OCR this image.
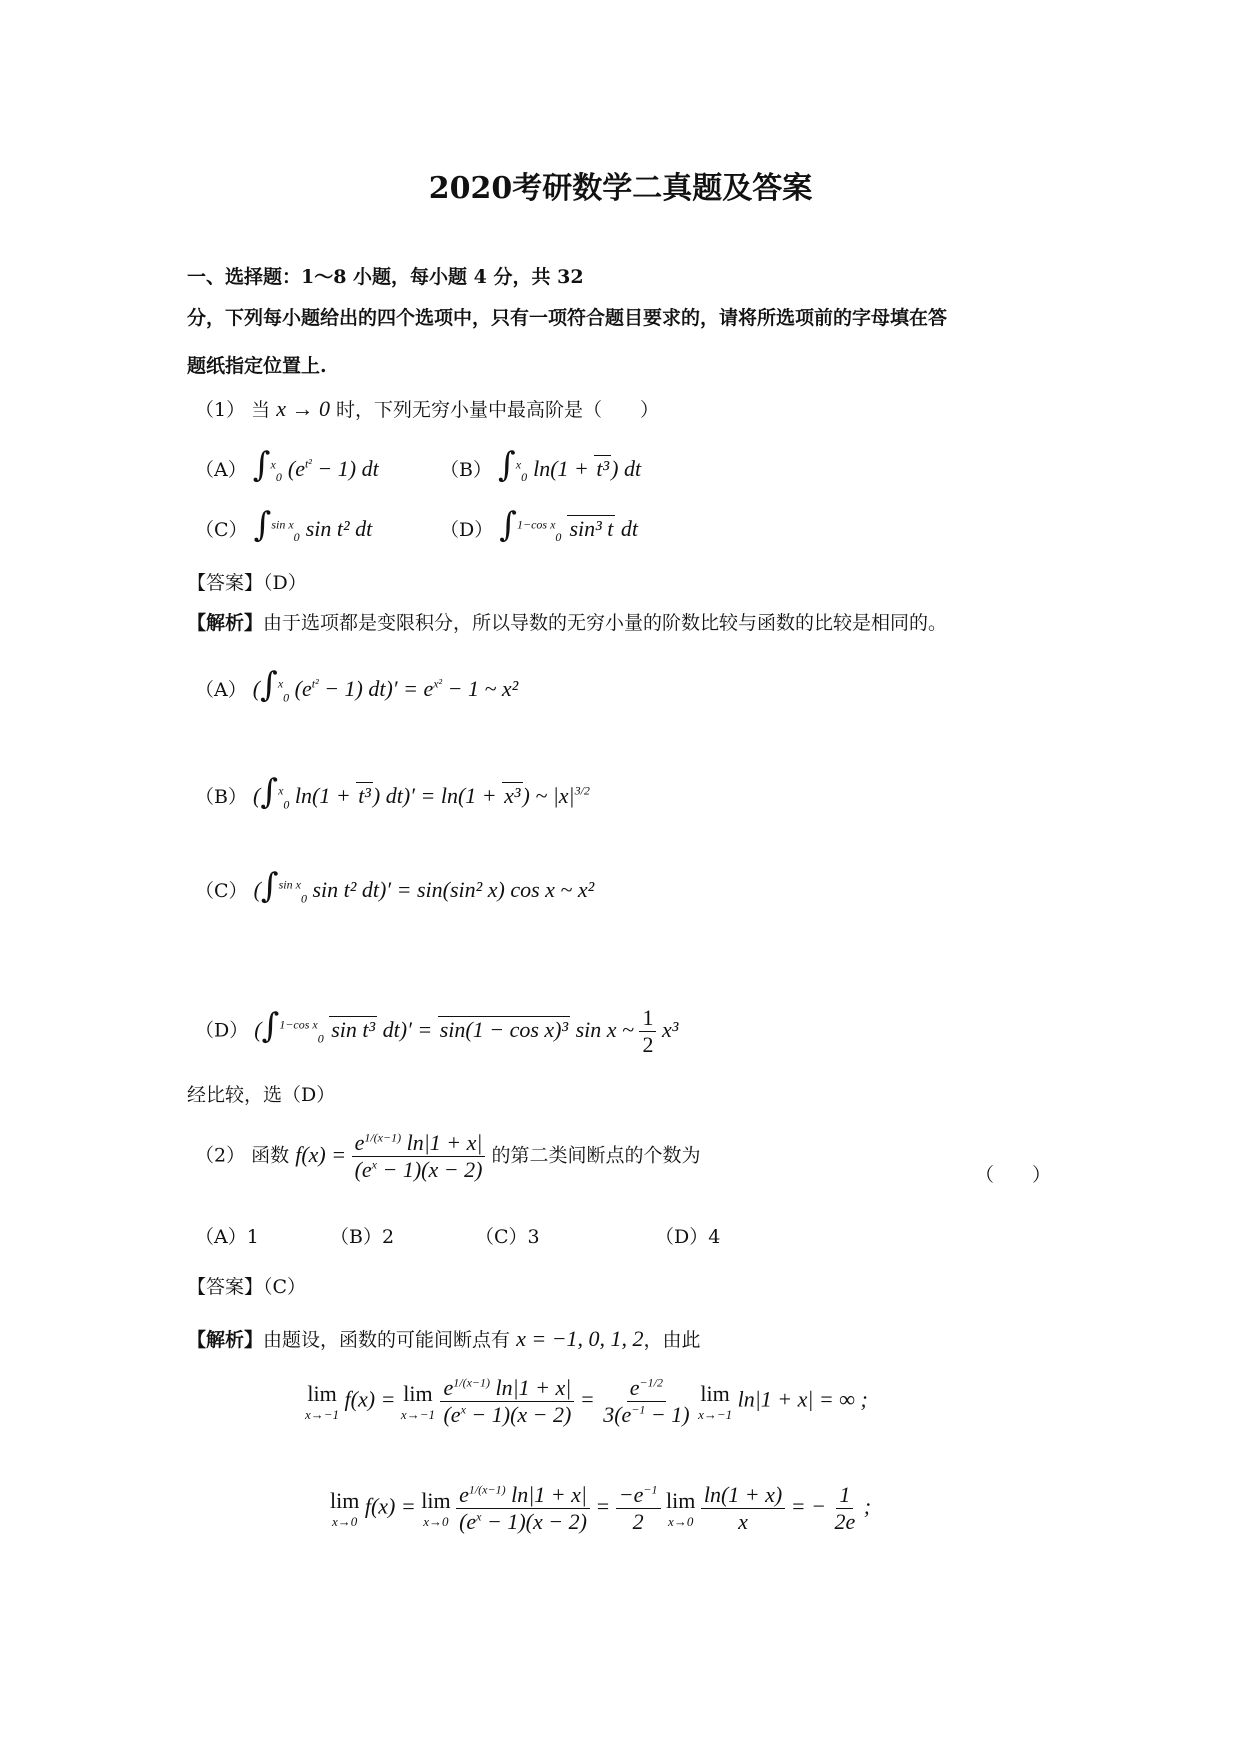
2020考研数学二真题及答案
一、选择题：1～8 小题，每小题 4 分，共 32
分，下列每小题给出的四个选项中，只有一项符合题目要求的，请将所选项前的字母填在答
题纸指定位置上.
（1） 当 x → 0 时，下列无穷小量中最高阶是（　　）
（A） ∫$^x_0$ $(e^{t^2} - 1)$ dt	（B） ∫$^x_0$ ln(1 + t³) dt
（C） ∫$^{sin x}_0$ sin t² dt	（D） ∫$^{1-cos x}_0$ sin³ t dt
【答案】（D）
【解析】由于选项都是变限积分，所以导数的无穷小量的阶数比较与函数的比较是相同的。
（A） (∫$^x_0$ $(e^{t^2} - 1) dt)' = e^{x^2} - 1$ ~ x²
（B） (∫$^x_0$ ln(1 + t³) dt)′ = ln(1 + x³) ~ $|x|^{3/2}$
（C） (∫$^{sin x}_0$ sin t² dt)′ = sin(sin² x) cos x ~ x²
（D） (∫$^{1-cos x}_0$ sin t³ dt)′ = sin(1 − cos x)³ sin x ~ $\frac{1}{2} x^3$
经比较，选（D）
（2） 函数 $f(x) = \frac{e^{1/(x-1)} \ln|1 + x|}{(e^x - 1)(x - 2)}$ 的第二类间断点的个数为
（　　）
（A）1	（B）2	（C）3	（D）4
【答案】（C）
【解析】由题设，函数的可能间断点有 x = −1, 0, 1, 2，由此
lim
x→−1
f(x) = lim
x→−1
$\frac{e^{1/(x-1)} \ln|1 + x|}{(e^x - 1)(x - 2)} = \frac{e^{-1/2}}{3(e^{-1} - 1)}$
lim
x→−1
ln|1 + x| = ∞ ;
lim
x→0
f(x) = lim
x→0
$\frac{e^{1/(x-1)} \ln|1 + x|}{(e^x - 1)(x - 2)} = \frac{-e^{-1}}{2}$
lim
x→0
$\frac{\ln(1 + x)}{x}$ = − $\frac{1}{2e}$ ;
